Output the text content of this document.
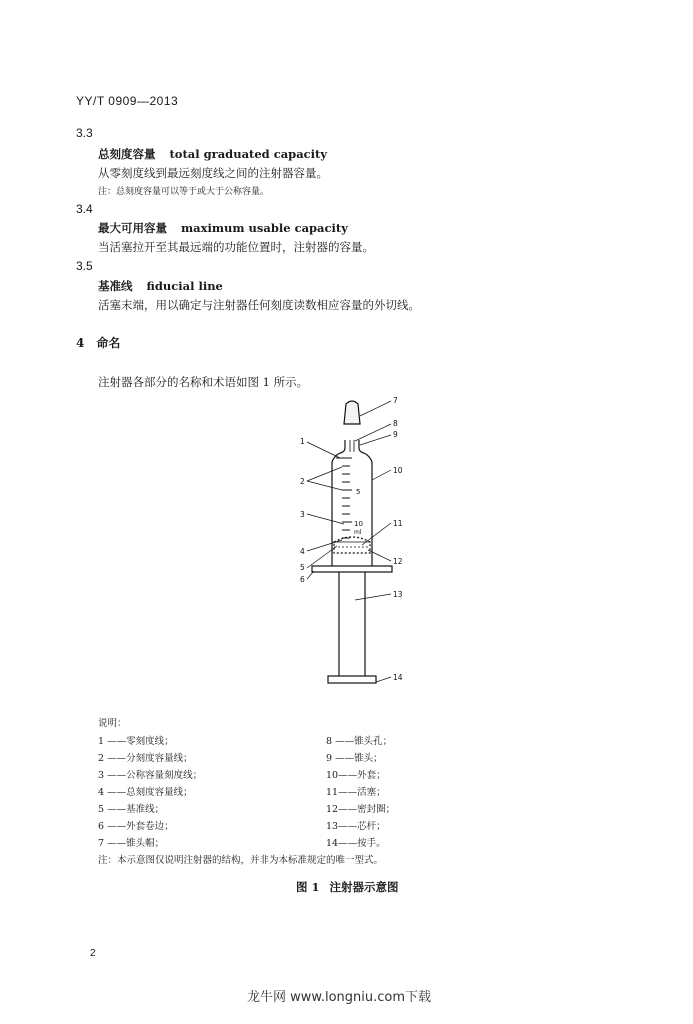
YY/T 0909—2013
3.3
总刻度容量 total graduated capacity
从零刻度线到最远刻度线之间的注射器容量。
注：总刻度容量可以等于或大于公称容量。
3.4
最大可用容量 maximum usable capacity
当活塞拉开至其最远端的功能位置时，注射器的容量。
3.5
基准线 fiducial line
活塞末端，用以确定与注射器任何刻度读数相应容量的外切线。
4 命名
注射器各部分的名称和术语如图 1 所示。
5
10
ml
1
2
3
4
5
6
7
8
9
10
11
12
13
14
说明：
1 ——零刻度线；
2 ——分刻度容量线；
3 ——公称容量刻度线；
4 ——总刻度容量线；
5 ——基准线；
6 ——外套卷边；
7 ——锥头帽；
8 ——锥头孔；
9 ——锥头；
10——外套；
11——活塞；
12——密封圈；
13——芯杆；
14——按手。
注：本示意图仅说明注射器的结构，并非为本标准规定的唯一型式。
图 1 注射器示意图
2
龙牛网 www.longniu.com下载
